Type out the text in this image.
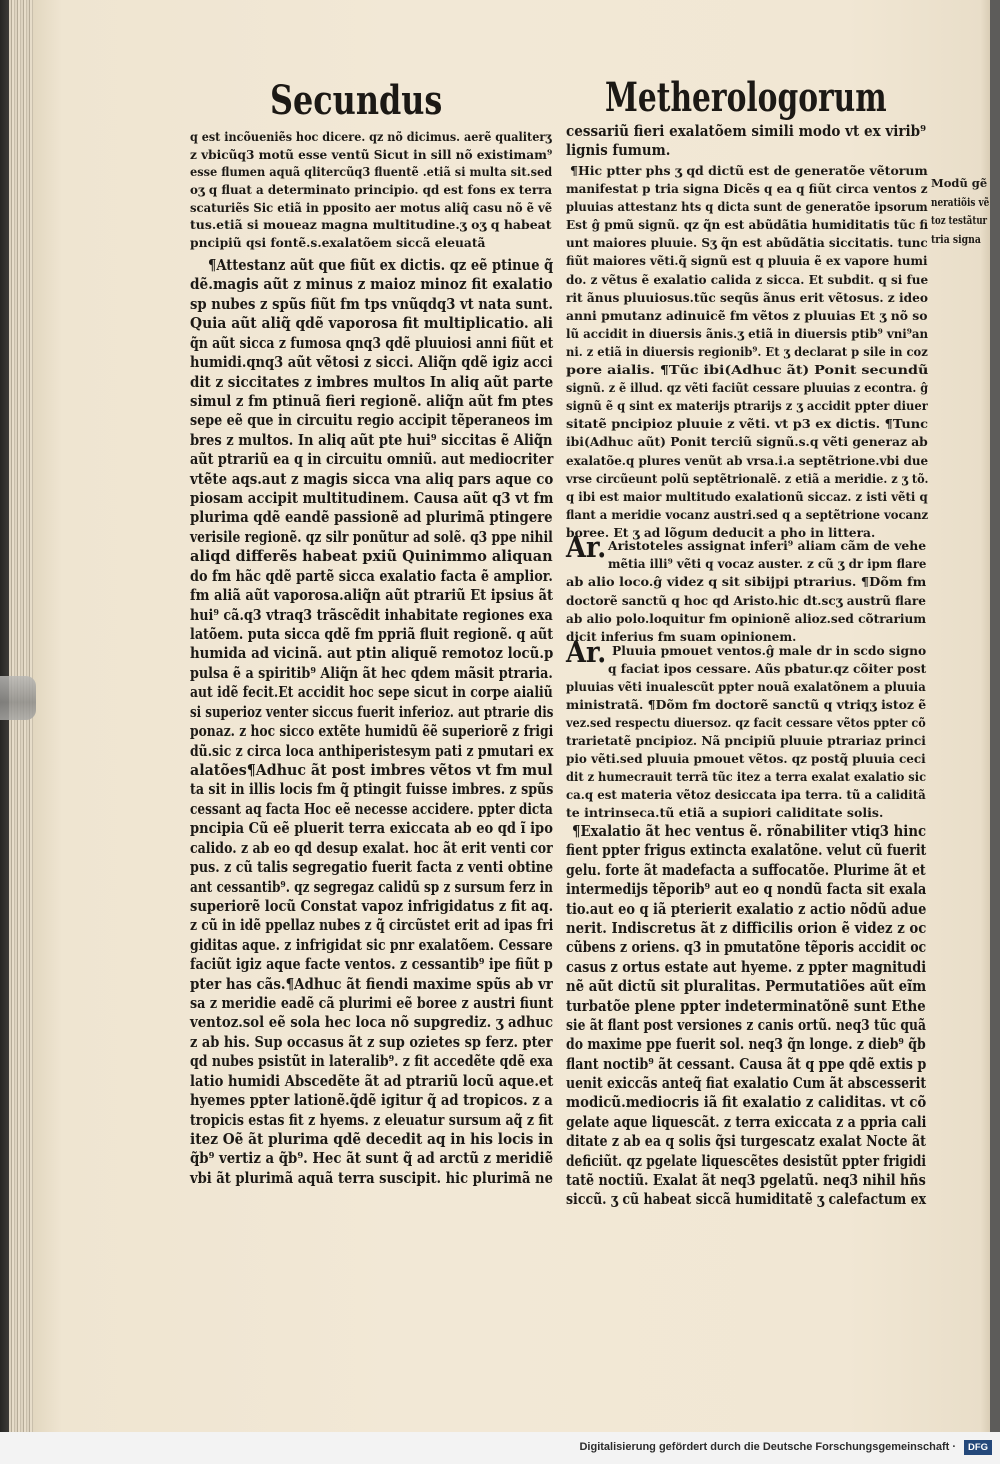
Secundus	Metherologorum
q est incõueniẽs hoc dicere. qz nõ dicimus. aerẽ qualiterʒ
z vbicũq3 motũ esse ventũ Sicut in sill nõ existimam⁹
esse flumen aquã qlitercũq3 fluentẽ .etiã si multa sit.sed
oʒ q fluat a determinato principio. qd est fons ex terra
scaturiẽs Sic etiã in pposito aer motus aliq̃ casu nõ ẽ vẽ
tus.etiã si moueaz magna multitudine.ʒ oʒ q habeat
pncipiũ qsi fontẽ.s.exalatõem siccã eleuatã
¶Attestanz aũt que fiũt ex dictis. qz eẽ ptinue q̃
dẽ.magis aũt z minus z maioz minoz fit exalatio
sp nubes z spũs fiũt fm tps vnũqdq3 vt nata sunt.
Quia aũt aliq̃ qdẽ vaporosa fit multiplicatio. ali
q̃n aũt sicca z fumosa qnq3 qdẽ pluuiosi anni fiũt et
humidi.qnq3 aũt vẽtosi z sicci. Aliq̃n qdẽ igiz acci
dit z siccitates z imbres multos In aliq aũt parte
simul z fm ptinuã fieri regionẽ. aliq̃n aũt fm ptes
sepe eẽ que in circuitu regio accipit tẽperaneos im
bres z multos. In aliq aũt pte hui⁹ siccitas ẽ Aliq̃n
aũt ptrariũ ea q in circuitu omniũ. aut mediocriter
vtẽte aqs.aut z magis sicca vna aliq pars aque co
piosam accipit multitudinem. Causa aũt q3 vt fm
plurima qdẽ eandẽ passionẽ ad plurimã ptingere
verisile regionẽ. qz silr ponũtur ad solẽ. q3 ppe nihil
aliqd differẽs habeat pxiũ Quinimmo aliquan
do fm hãc qdẽ partẽ sicca exalatio facta ẽ amplior.
fm aliã aũt vaporosa.aliq̃n aũt ptrariũ Et ipsius ãt
hui⁹ cã.q3 vtraq3 trãscẽdit inhabitate regiones exa
latõem. puta sicca qdẽ fm ppriã fluit regionẽ. q aũt
humida ad vicinã. aut ptin aliquẽ remotoz locũ.p
pulsa ẽ a spiritib⁹ Aliq̃n ãt hec qdem mãsit ptraria.
aut idẽ fecit.Et accidit hoc sepe sicut in corpe aialiũ
si superioz venter siccus fuerit inferioz. aut ptrarie dis
ponaz. z hoc sicco extẽte humidũ ẽẽ superiorẽ z frigi
dũ.sic z circa loca anthiperistesym pati z pmutari ex
alatões¶Adhuc ãt post imbres vẽtos vt fm mul
ta sit in illis locis fm q̃ ptingit fuisse imbres. z spũs
cessant aq facta Hoc eẽ necesse accidere. ppter dicta
pncipia Cũ eẽ pluerit terra exiccata ab eo qd ĩ ipo
calido. z ab eo qd desup exalat. hoc ãt erit venti cor
pus. z cũ talis segregatio fuerit facta z venti obtine
ant cessantib⁹. qz segregaz calidũ sp z sursum ferz in
superiorẽ locũ Constat vapoz infrigidatus z fit aq.
z cũ in idẽ ppellaz nubes z q̃ circũstet erit ad ipas fri
giditas aque. z infrigidat sic pnr exalatõem. Cessare
faciũt igiz aque facte ventos. z cessantib⁹ ipe fiũt p
pter has cãs.¶Adhuc ãt fiendi maxime spũs ab vr
sa z meridie eadẽ cã plurimi eẽ boree z austri fiunt
ventoz.sol eẽ sola hec loca nõ supgrediz. ʒ adhuc
z ab his. Sup occasus ãt z sup ozietes sp ferz. pter
qd nubes psistũt in lateralib⁹. z fit accedẽte qdẽ exa
latio humidi Abscedẽte ãt ad ptrariũ locũ aque.et
hyemes ppter lationẽ.q̃dẽ igitur q̃ ad tropicos. z a
tropicis estas fit z hyems. z eleuatur sursum aq̃ z fit
itez Oẽ ãt plurima qdẽ decedit aq in his locis in
q̃b⁹ vertiz a q̃b⁹. Hec ãt sunt q̃ ad arctũ z meridiẽ
vbi ãt plurimã aquã terra suscipit. hic plurimã ne
cessariũ fieri exalatõem simili modo vt ex virib⁹
lignis fumum.
¶Hic ptter phs ʒ qd dictũ est de generatõe vẽtorum
manifestat p tria signa Dicẽs q ea q fiũt circa ventos z
pluuias attestanz hts q dicta sunt de generatõe ipsorum
Est ĝ pmũ signũ. qz q̃n est abũdãtia humiditatis tũc fi
unt maiores pluuie. Sʒ q̃n est abũdãtia siccitatis. tunc
fiũt maiores vẽti.q̃ signũ est q pluuia ẽ ex vapore humi
do. z vẽtus ẽ exalatio calida z sicca. Et subdit. q si fue
rit ãnus pluuiosus.tũc seqũs ãnus erit vẽtosus. z ideo
anni pmutanz adinuicẽ fm vẽtos z pluuias Et ʒ nõ so
lũ accidit in diuersis ãnis.ʒ etiã in diuersis ptib⁹ vni⁹an
ni. z etiã in diuersis regionib⁹. Et ʒ declarat p sile in coz
pore aialis. ¶Tũc ibi(Adhuc ãt) Ponit secundũ
signũ. z ẽ illud. qz vẽti faciũt cessare pluuias z econtra. ĝ
signũ ẽ q sint ex materijs ptrarijs z ʒ accidit ppter diuer
sitatẽ pncipioz pluuie z vẽti. vt p3 ex dictis. ¶Tunc
ibi(Adhuc aũt) Ponit terciũ signũ.s.q vẽti generaz ab
exalatõe.q plures venũt ab vrsa.i.a septẽtrione.vbi due
vrse circũeunt polũ septẽtrionalẽ. z etiã a meridie. z ʒ tõ.
q ibi est maior multitudo exalationũ siccaz. z isti vẽti q
flant a meridie vocanz austri.sed q a septẽtrione vocanz
boree. Et ʒ ad lõgum deducit a pho in littera.
Ar. Aristoteles assignat inferi⁹ aliam cãm de vehe
mẽtia illi⁹ vẽti q vocaz auster. z cũ ʒ dr ipm flare
ab alio loco.ĝ videz q sit sibijpi ptrarius. ¶Dõm fm
doctorẽ sanctũ q hoc qd Aristo.hic dt.scʒ austrũ flare
ab alio polo.loquitur fm opinionẽ alioz.sed cõtrarium
dicit inferius fm suam opinionem.
Ar. Pluuia pmouet ventos.ĝ male dr in scdo signo
q faciat ipos cessare. Aũs pbatur.qz cõiter post
pluuias vẽti inualescũt ppter nouã exalatõnem a pluuia
ministratã. ¶Dõm fm doctorẽ sanctũ q vtriqʒ istoz ẽ
vez.sed respectu diuersoz. qz facit cessare vẽtos ppter cõ
trarietatẽ pncipioz. Nã pncipiũ pluuie ptrariaz princi
pio vẽti.sed pluuia pmouet vẽtos. qz postq̃ pluuia ceci
dit z humecrauit terrã tũc itez a terra exalat exalatio sic
ca.q est materia vẽtoz desiccata ipa terra. tũ a caliditã
te intrinseca.tũ etiã a supiori caliditate solis.
¶Exalatio ãt hec ventus ẽ. rõnabiliter vtiq3 hinc
fient ppter frigus extincta exalatõne. velut cũ fuerit
gelu. forte ãt madefacta a suffocatõe. Plurime ãt et
intermedijs tẽporib⁹ aut eo q nondũ facta sit exala
tio.aut eo q iã pterierit exalatio z actio nõdũ adue
nerit. Indiscretus ãt z difficilis orion ẽ videz z oc
cũbens z oriens. q3 in pmutatõne tẽporis accidit oc
casus z ortus estate aut hyeme. z ppter magnitudi
nẽ aũt dictũ sit pluralitas. Permutatiões aũt eĩm
turbatõe plene ppter indeterminatõnẽ sunt Ethe
sie ãt flant post versiones z canis ortũ. neq3 tũc quã
do maxime ppe fuerit sol. neq3 q̃n longe. z dieb⁹ q̃b
flant noctib⁹ ãt cessant. Causa ãt q ppe qdẽ extis p
uenit exiccãs anteq̃ fiat exalatio Cum ãt abscesserit
modicũ.mediocris iã fit exalatio z caliditas. vt cõ
gelate aque liquescãt. z terra exiccata z a ppria cali
ditate z ab ea q solis q̃si turgescatz exalat Nocte ãt
deficiũt. qz pgelate liquescẽtes desistũt ppter frigidi
tatẽ noctiũ. Exalat ãt neq3 pgelatũ. neq3 nihil hñs
siccũ. ʒ cũ habeat siccã humiditatẽ ʒ calefactum ex
Modũ gẽ
neratiõis vẽ
toz testãtur
tria signa
Digitalisierung gefördert durch die Deutsche Forschungsgemeinschaft ·	DFG
